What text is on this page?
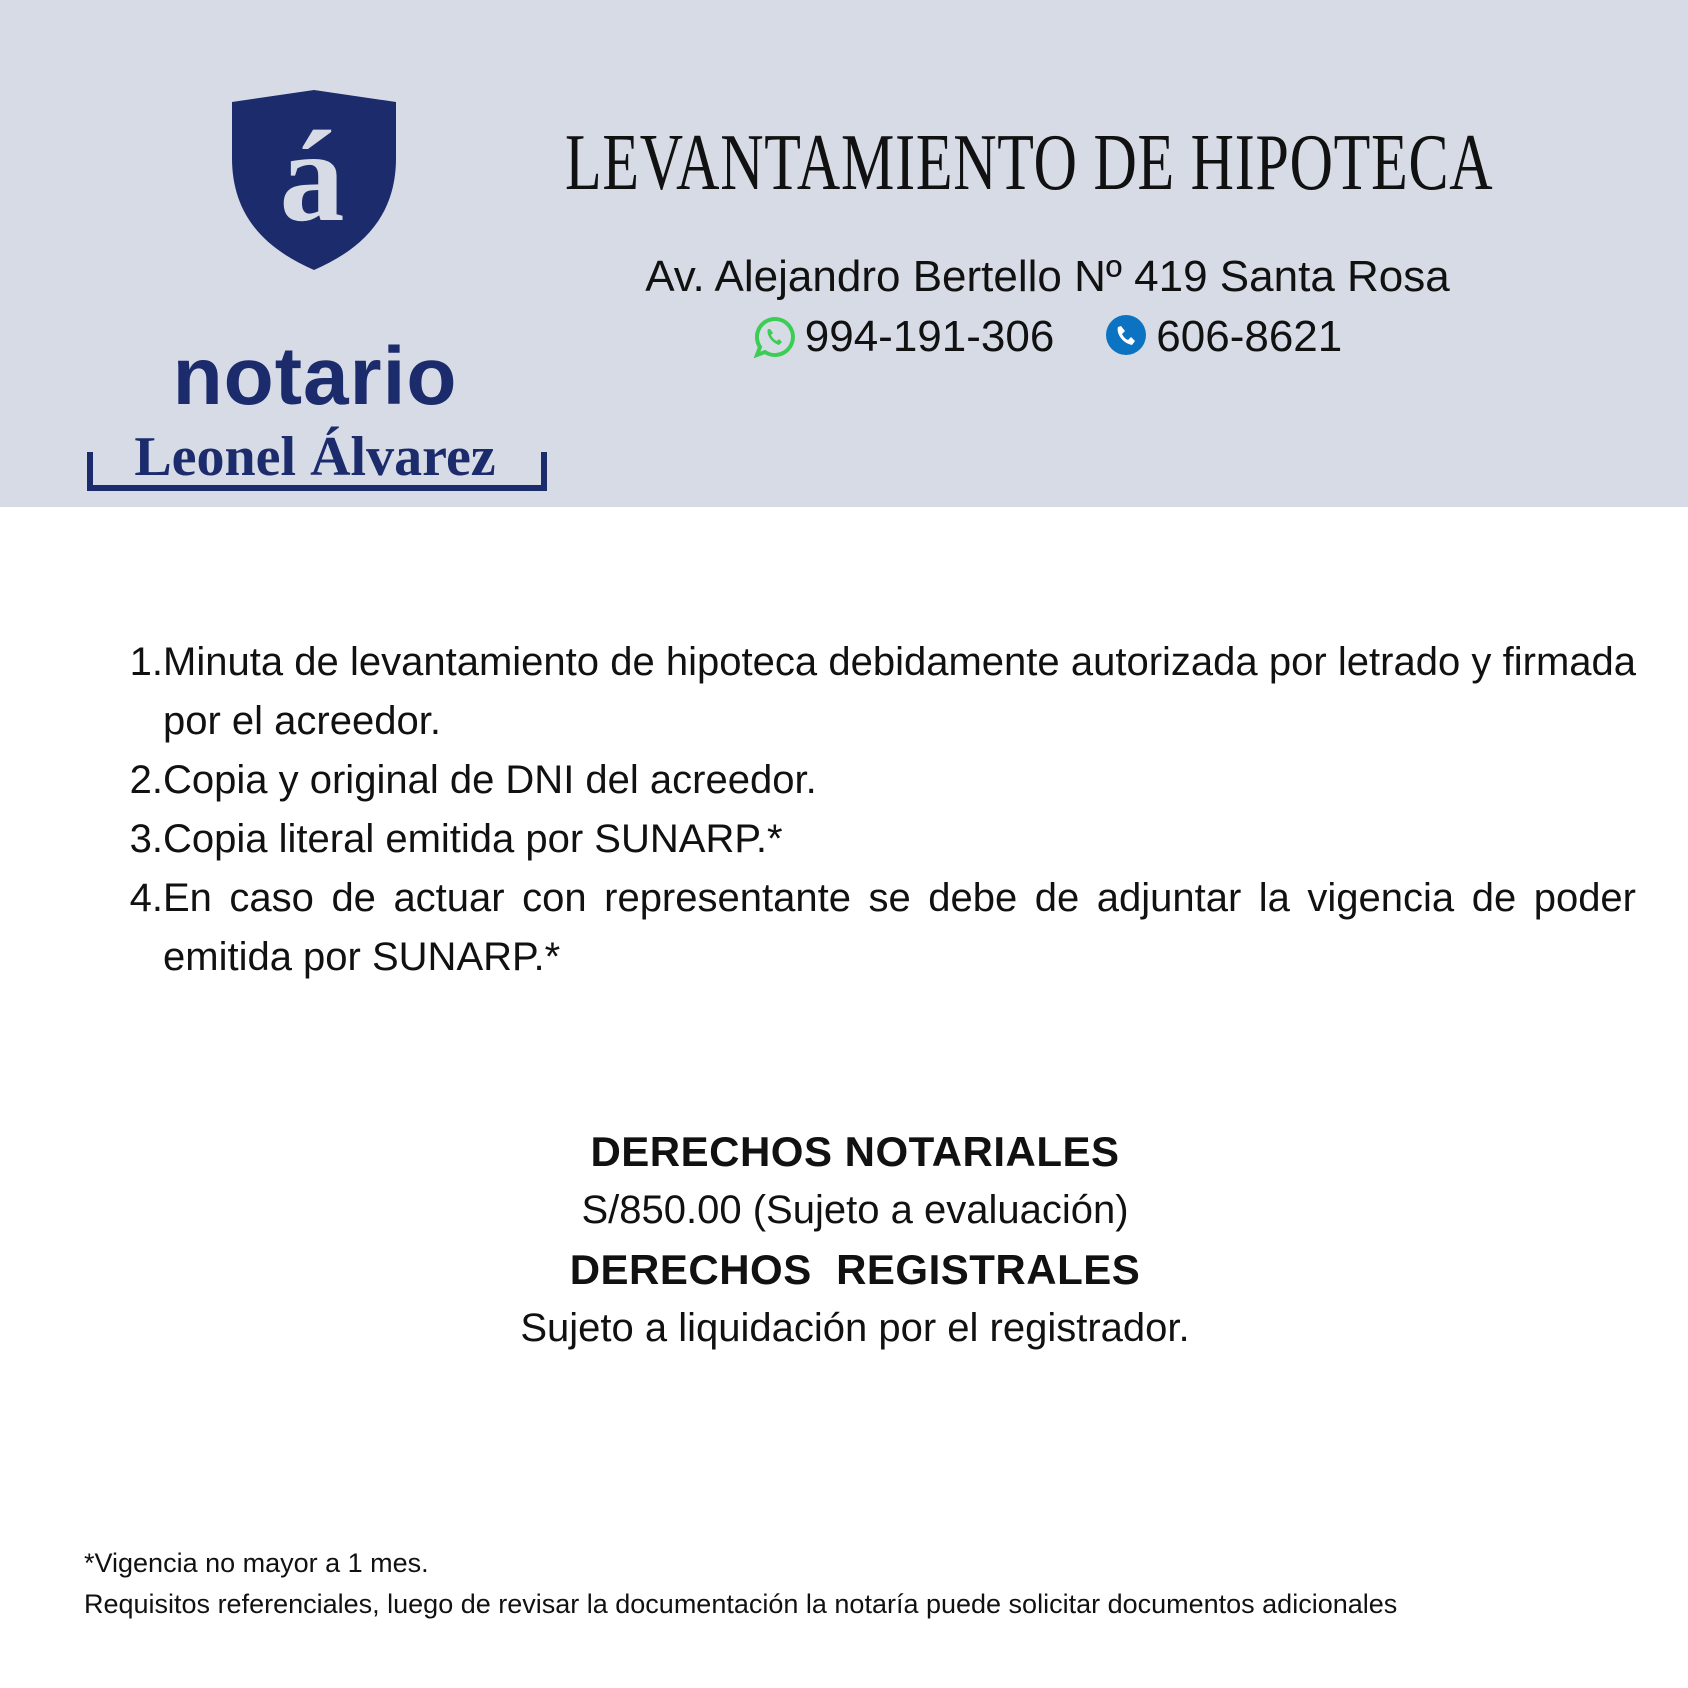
á
notario
Leonel Álvarez
LEVANTAMIENTO DE HIPOTECA
Av. Alejandro Bertello Nº 419 Santa Rosa
994-191-306 606-8621
1. Minuta de levantamiento de hipoteca debidamente autorizada por letrado y firmada por el acreedor.
2. Copia y original de DNI del acreedor.
3. Copia literal emitida por SUNARP.*
4. En caso de actuar con representante se debe de adjuntar la vigencia de poder emitida por SUNARP.*
DERECHOS NOTARIALES
S/850.00 (Sujeto a evaluación)
DERECHOS  REGISTRALES
Sujeto a liquidación por el registrador.
*Vigencia no mayor a 1 mes.
Requisitos referenciales, luego de revisar la documentación la notaría puede solicitar documentos adicionales
